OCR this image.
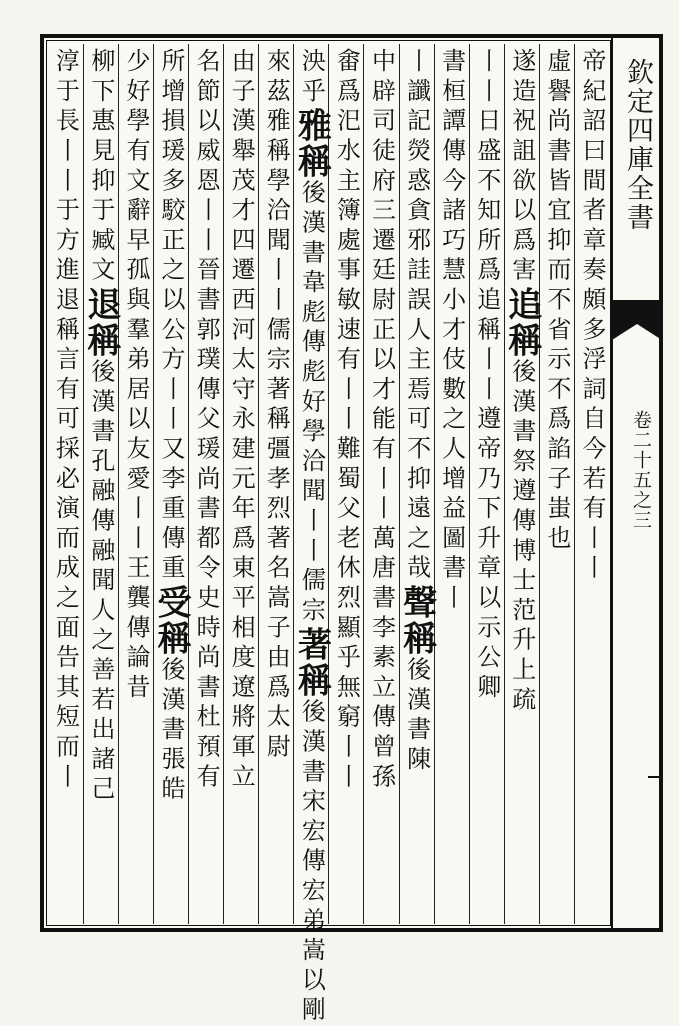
欽定四庫全書
卷二十五之三
帝紀詔曰間者章奏頗多浮詞自今若有丨丨
虛譽尚書皆宜抑而不省示不爲諂子蚩也
遂造祝詛欲以爲害追稱後漢書祭遵傳博士范升上疏
丨丨日盛不知所爲追稱丨丨遵帝乃下升章以示公卿
書桓譚傳今諸巧慧小才伎數之人增益圖書丨
丨讖記熒惑貪邪詿誤人主焉可不抑遠之哉聲稱後漢書陳
中辟司徒府三遷廷尉正以才能有丨丨萬唐書李素立傳曾孫
畬爲汜水主簿處事敏速有丨丨難蜀父老休烈顯乎無窮丨丨
泱乎雅稱後漢書韋彪傳彪好學洽聞丨丨儒宗著稱後漢書宋宏傳宏弟嵩以剛
來茲雅稱學洽聞丨丨儒宗著稱彊孝烈著名嵩子由爲太尉
由子漢舉茂才四遷西河太守永建元年爲東平相度遼將軍立
名節以威恩丨丨晉書郭璞傳父瑗尚書都令史時尚書杜預有
所增損瑗多駮正之以公方丨丨又李重傳重受稱後漢書張皓
少好學有文辭早孤與羣弟居以友愛丨丨王龔傳論昔
柳下惠見抑于臧文退稱後漢書孔融傳融聞人之善若出諸己
淳于長丨丨于方進退稱言有可採必演而成之面告其短而丨
